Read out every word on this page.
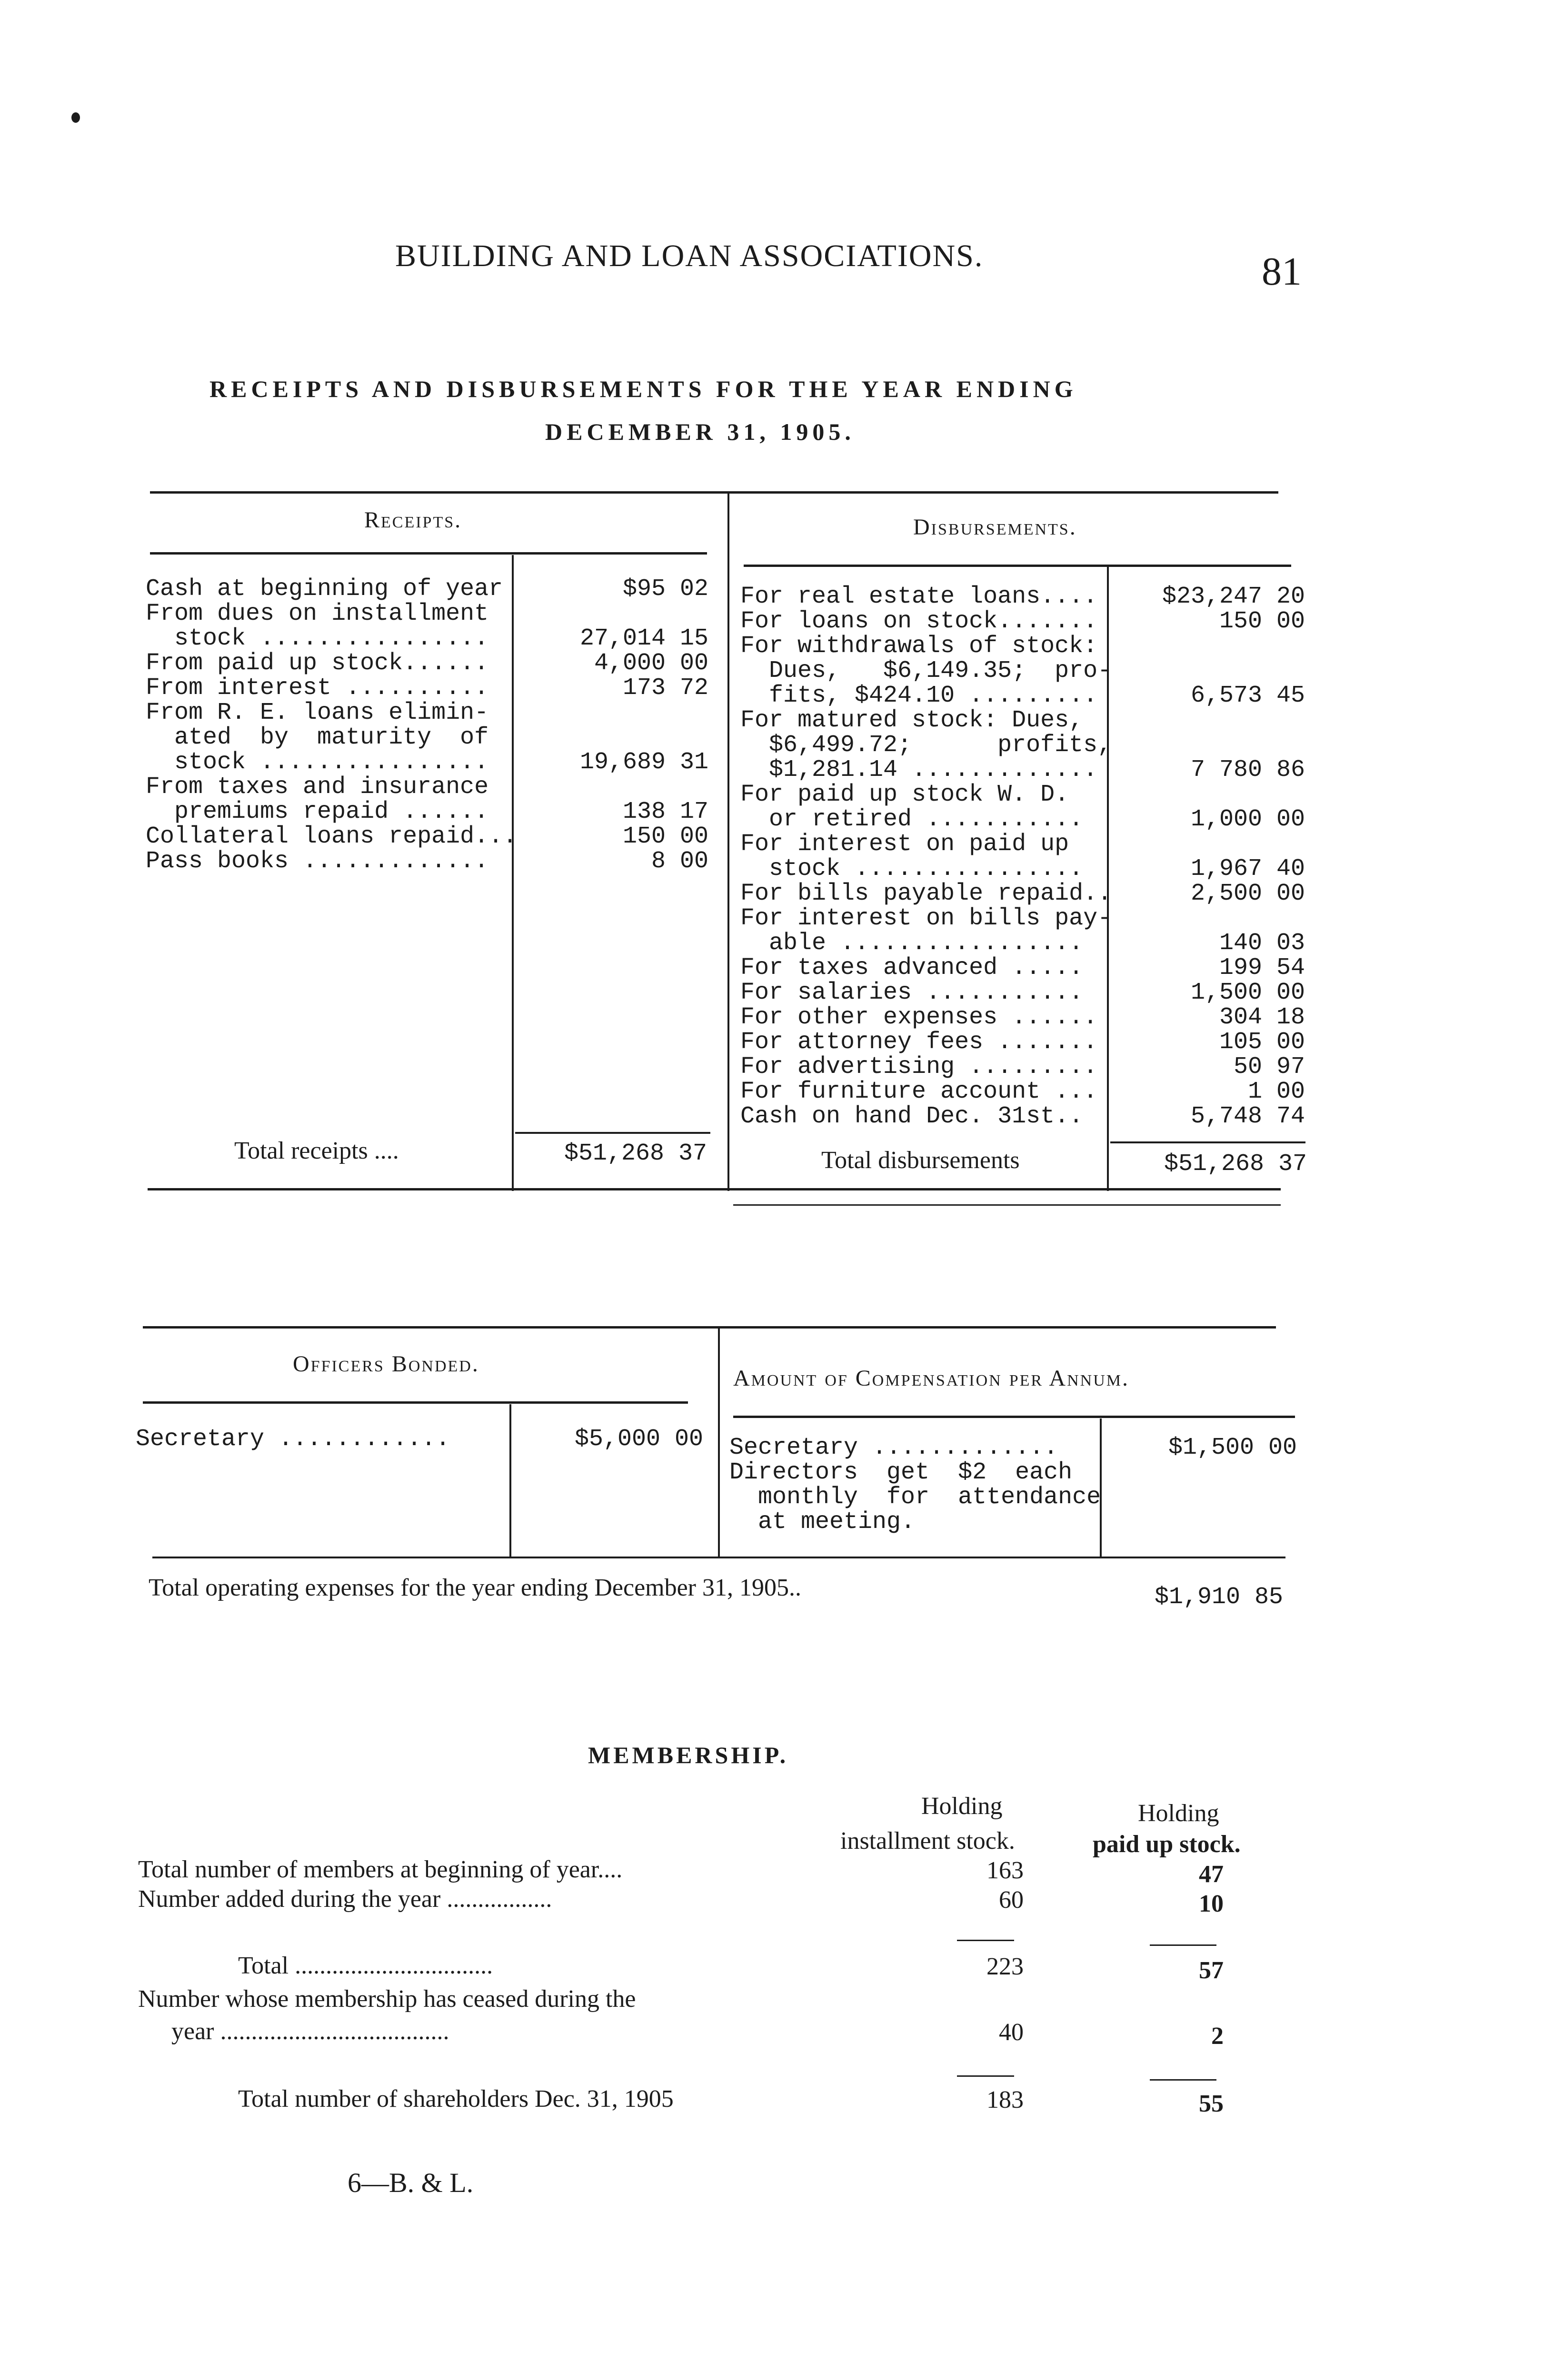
BUILDING AND LOAN ASSOCIATIONS.	81
RECEIPTS AND DISBURSEMENTS FOR THE YEAR ENDING
DECEMBER 31, 1905.
Receipts.	Disbursements.
Cash at beginning of year	$95 02
From dues on installment
stock ................	27,014 15
From paid up stock......	4,000 00
From interest ..........	173 72
From R. E. loans elimin-
ated  by  maturity  of
stock ................	19,689 31
From taxes and insurance
premiums repaid ......	138 17
Collateral loans repaid...	150 00
Pass books .............	8 00
For real estate loans....	$23,247 20
For loans on stock.......	150 00
For withdrawals of stock:
Dues,   $6,149.35;  pro-
fits, $424.10 .........	6,573 45
For matured stock: Dues,
$6,499.72;      profits,
$1,281.14 .............	7 780 86
For paid up stock W. D.
or retired ...........	1,000 00
For interest on paid up
stock ................	1,967 40
For bills payable repaid..	2,500 00
For interest on bills pay-
able .................	140 03
For taxes advanced .....	199 54
For salaries ...........	1,500 00
For other expenses ......	304 18
For attorney fees .......	105 00
For advertising .........	50 97
For furniture account ...	1 00
Cash on hand Dec. 31st..	5,748 74
Total receipts ....	$51,268 37	Total disbursements	$51,268 37
Officers Bonded.
Amount of Compensation per Annum.
Secretary ............	$5,000 00 Secretary .............	$1,500 00
Directors  get  $2  each
monthly  for  attendance
at meeting.
Total operating expenses for the year ending December 31, 1905..	$1,910 85
MEMBERSHIP.
Holding
installment stock.
Holding
paid up stock.
Total number of members at beginning of year....	163	47
Number added during the year .................	60	10
Total ................................	223	57
Number whose membership has ceased during the
year .....................................	40	2
Total number of shareholders Dec. 31, 1905	183	55
6—B. & L.
